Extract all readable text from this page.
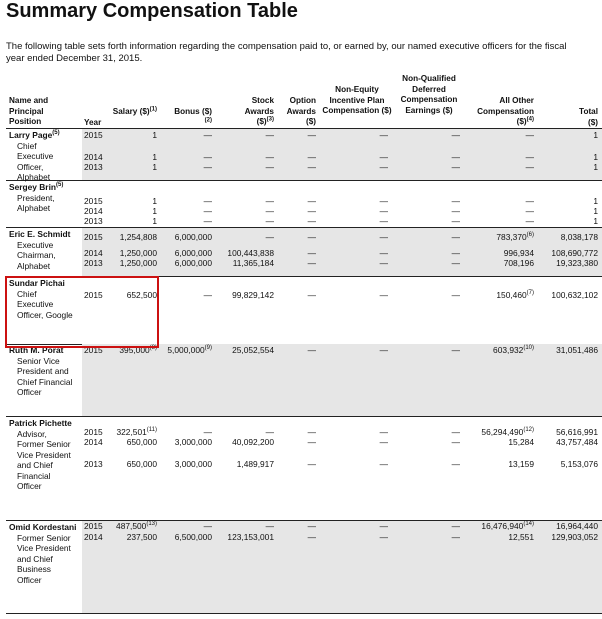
Summary Compensation Table
The following table sets forth information regarding the compensation paid to, or earned by, our named executive officers for the fiscal
year ended December 31, 2015.
Name and Principal Position	Year
Salary ($)$^{(1)}$ Bonus ($)$^{(2)}$
Stock Awards ($)$^{(3)}$
Option Awards ($)
Non-Equity Incentive Plan Compensation ($)
Non-Qualified Deferred Compensation Earnings ($)
All Other Compensation ($)$^{(4)}$
Total ($)
Larry Page$^{(5)}$
Chief Executive Officer, Alphabet
2015	1	—	—	—	—	—	—	1
2014	1	—	—	—	—	—	—	1
2013	1	—	—	—	—	—	—	1
Sergey Brin$^{(5)}$
President, Alphabet
2015	1	—	—	—	—	—	—	1
2014	1	—	—	—	—	—	—	1
2013	1	—	—	—	—	—	—	1
Eric E. Schmidt
Executive Chairman, Alphabet
2015	1,254,808	6,000,000	—	—	—	—	783,370$^{(6)}$	8,038,178
2014	1,250,000	6,000,000	100,443,838	—	—	—	996,934	108,690,772
2013	1,250,000	6,000,000	11,365,184	—	—	—	708,196	19,323,380
Sundar Pichai
Chief Executive Officer, Google
2015	652,500	—	99,829,142	—	—	—	150,460$^{(7)}$	100,632,102
Ruth M. Porat
Senior Vice President and Chief Financial Officer
2015	395,000$^{(8)}$	5,000,000$^{(9)}$	25,052,554	—	—	—	603,932$^{(10)}$	31,051,486
Patrick Pichette
Advisor, Former Senior Vice President and Chief Financial Officer
2015	322,501$^{(11)}$	—	—	—	—	—	56,294,490$^{(12)}$	56,616,991
2014	650,000	3,000,000	40,092,200	—	—	—	15,284	43,757,484
2013	650,000	3,000,000	1,489,917	—	—	—	13,159	5,153,076
Omid Kordestani
Former Senior Vice President and Chief Business Officer
2015	487,500$^{(13)}$	—	—	—	—	—	16,476,940$^{(14)}$	16,964,440
2014	237,500	6,500,000	123,153,001	—	—	—	12,551	129,903,052
